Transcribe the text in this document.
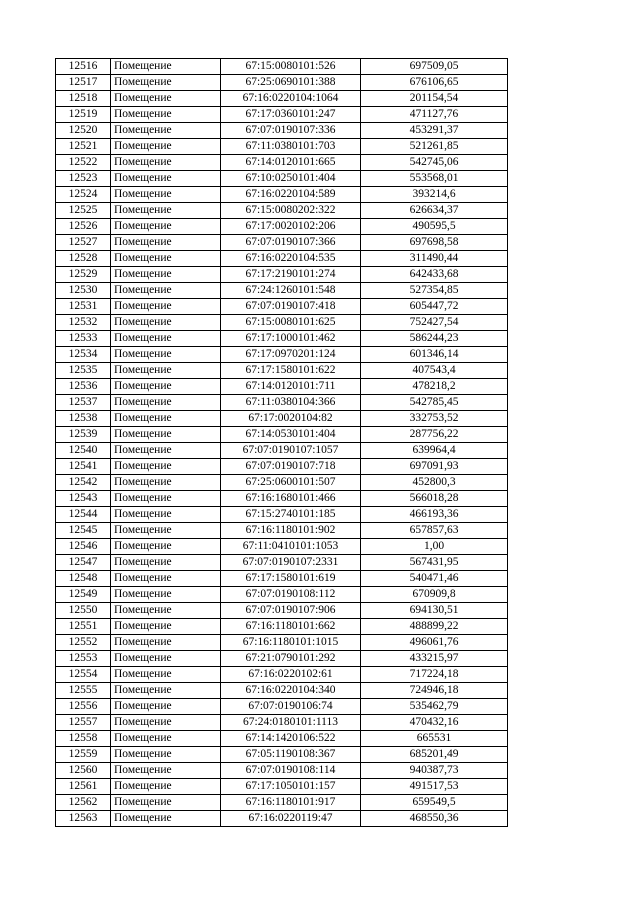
12516	Помещение	67:15:0080101:526	697509,05
12517	Помещение	67:25:0690101:388	676106,65
12518	Помещение	67:16:0220104:1064	201154,54
12519	Помещение	67:17:0360101:247	471127,76
12520	Помещение	67:07:0190107:336	453291,37
12521	Помещение	67:11:0380101:703	521261,85
12522	Помещение	67:14:0120101:665	542745,06
12523	Помещение	67:10:0250101:404	553568,01
12524	Помещение	67:16:0220104:589	393214,6
12525	Помещение	67:15:0080202:322	626634,37
12526	Помещение	67:17:0020102:206	490595,5
12527	Помещение	67:07:0190107:366	697698,58
12528	Помещение	67:16:0220104:535	311490,44
12529	Помещение	67:17:2190101:274	642433,68
12530	Помещение	67:24:1260101:548	527354,85
12531	Помещение	67:07:0190107:418	605447,72
12532	Помещение	67:15:0080101:625	752427,54
12533	Помещение	67:17:1000101:462	586244,23
12534	Помещение	67:17:0970201:124	601346,14
12535	Помещение	67:17:1580101:622	407543,4
12536	Помещение	67:14:0120101:711	478218,2
12537	Помещение	67:11:0380104:366	542785,45
12538	Помещение	67:17:0020104:82	332753,52
12539	Помещение	67:14:0530101:404	287756,22
12540	Помещение	67:07:0190107:1057	639964,4
12541	Помещение	67:07:0190107:718	697091,93
12542	Помещение	67:25:0600101:507	452800,3
12543	Помещение	67:16:1680101:466	566018,28
12544	Помещение	67:15:2740101:185	466193,36
12545	Помещение	67:16:1180101:902	657857,63
12546	Помещение	67:11:0410101:1053	1,00
12547	Помещение	67:07:0190107:2331	567431,95
12548	Помещение	67:17:1580101:619	540471,46
12549	Помещение	67:07:0190108:112	670909,8
12550	Помещение	67:07:0190107:906	694130,51
12551	Помещение	67:16:1180101:662	488899,22
12552	Помещение	67:16:1180101:1015	496061,76
12553	Помещение	67:21:0790101:292	433215,97
12554	Помещение	67:16:0220102:61	717224,18
12555	Помещение	67:16:0220104:340	724946,18
12556	Помещение	67:07:0190106:74	535462,79
12557	Помещение	67:24:0180101:1113	470432,16
12558	Помещение	67:14:1420106:522	665531
12559	Помещение	67:05:1190108:367	685201,49
12560	Помещение	67:07:0190108:114	940387,73
12561	Помещение	67:17:1050101:157	491517,53
12562	Помещение	67:16:1180101:917	659549,5
12563	Помещение	67:16:0220119:47	468550,36
